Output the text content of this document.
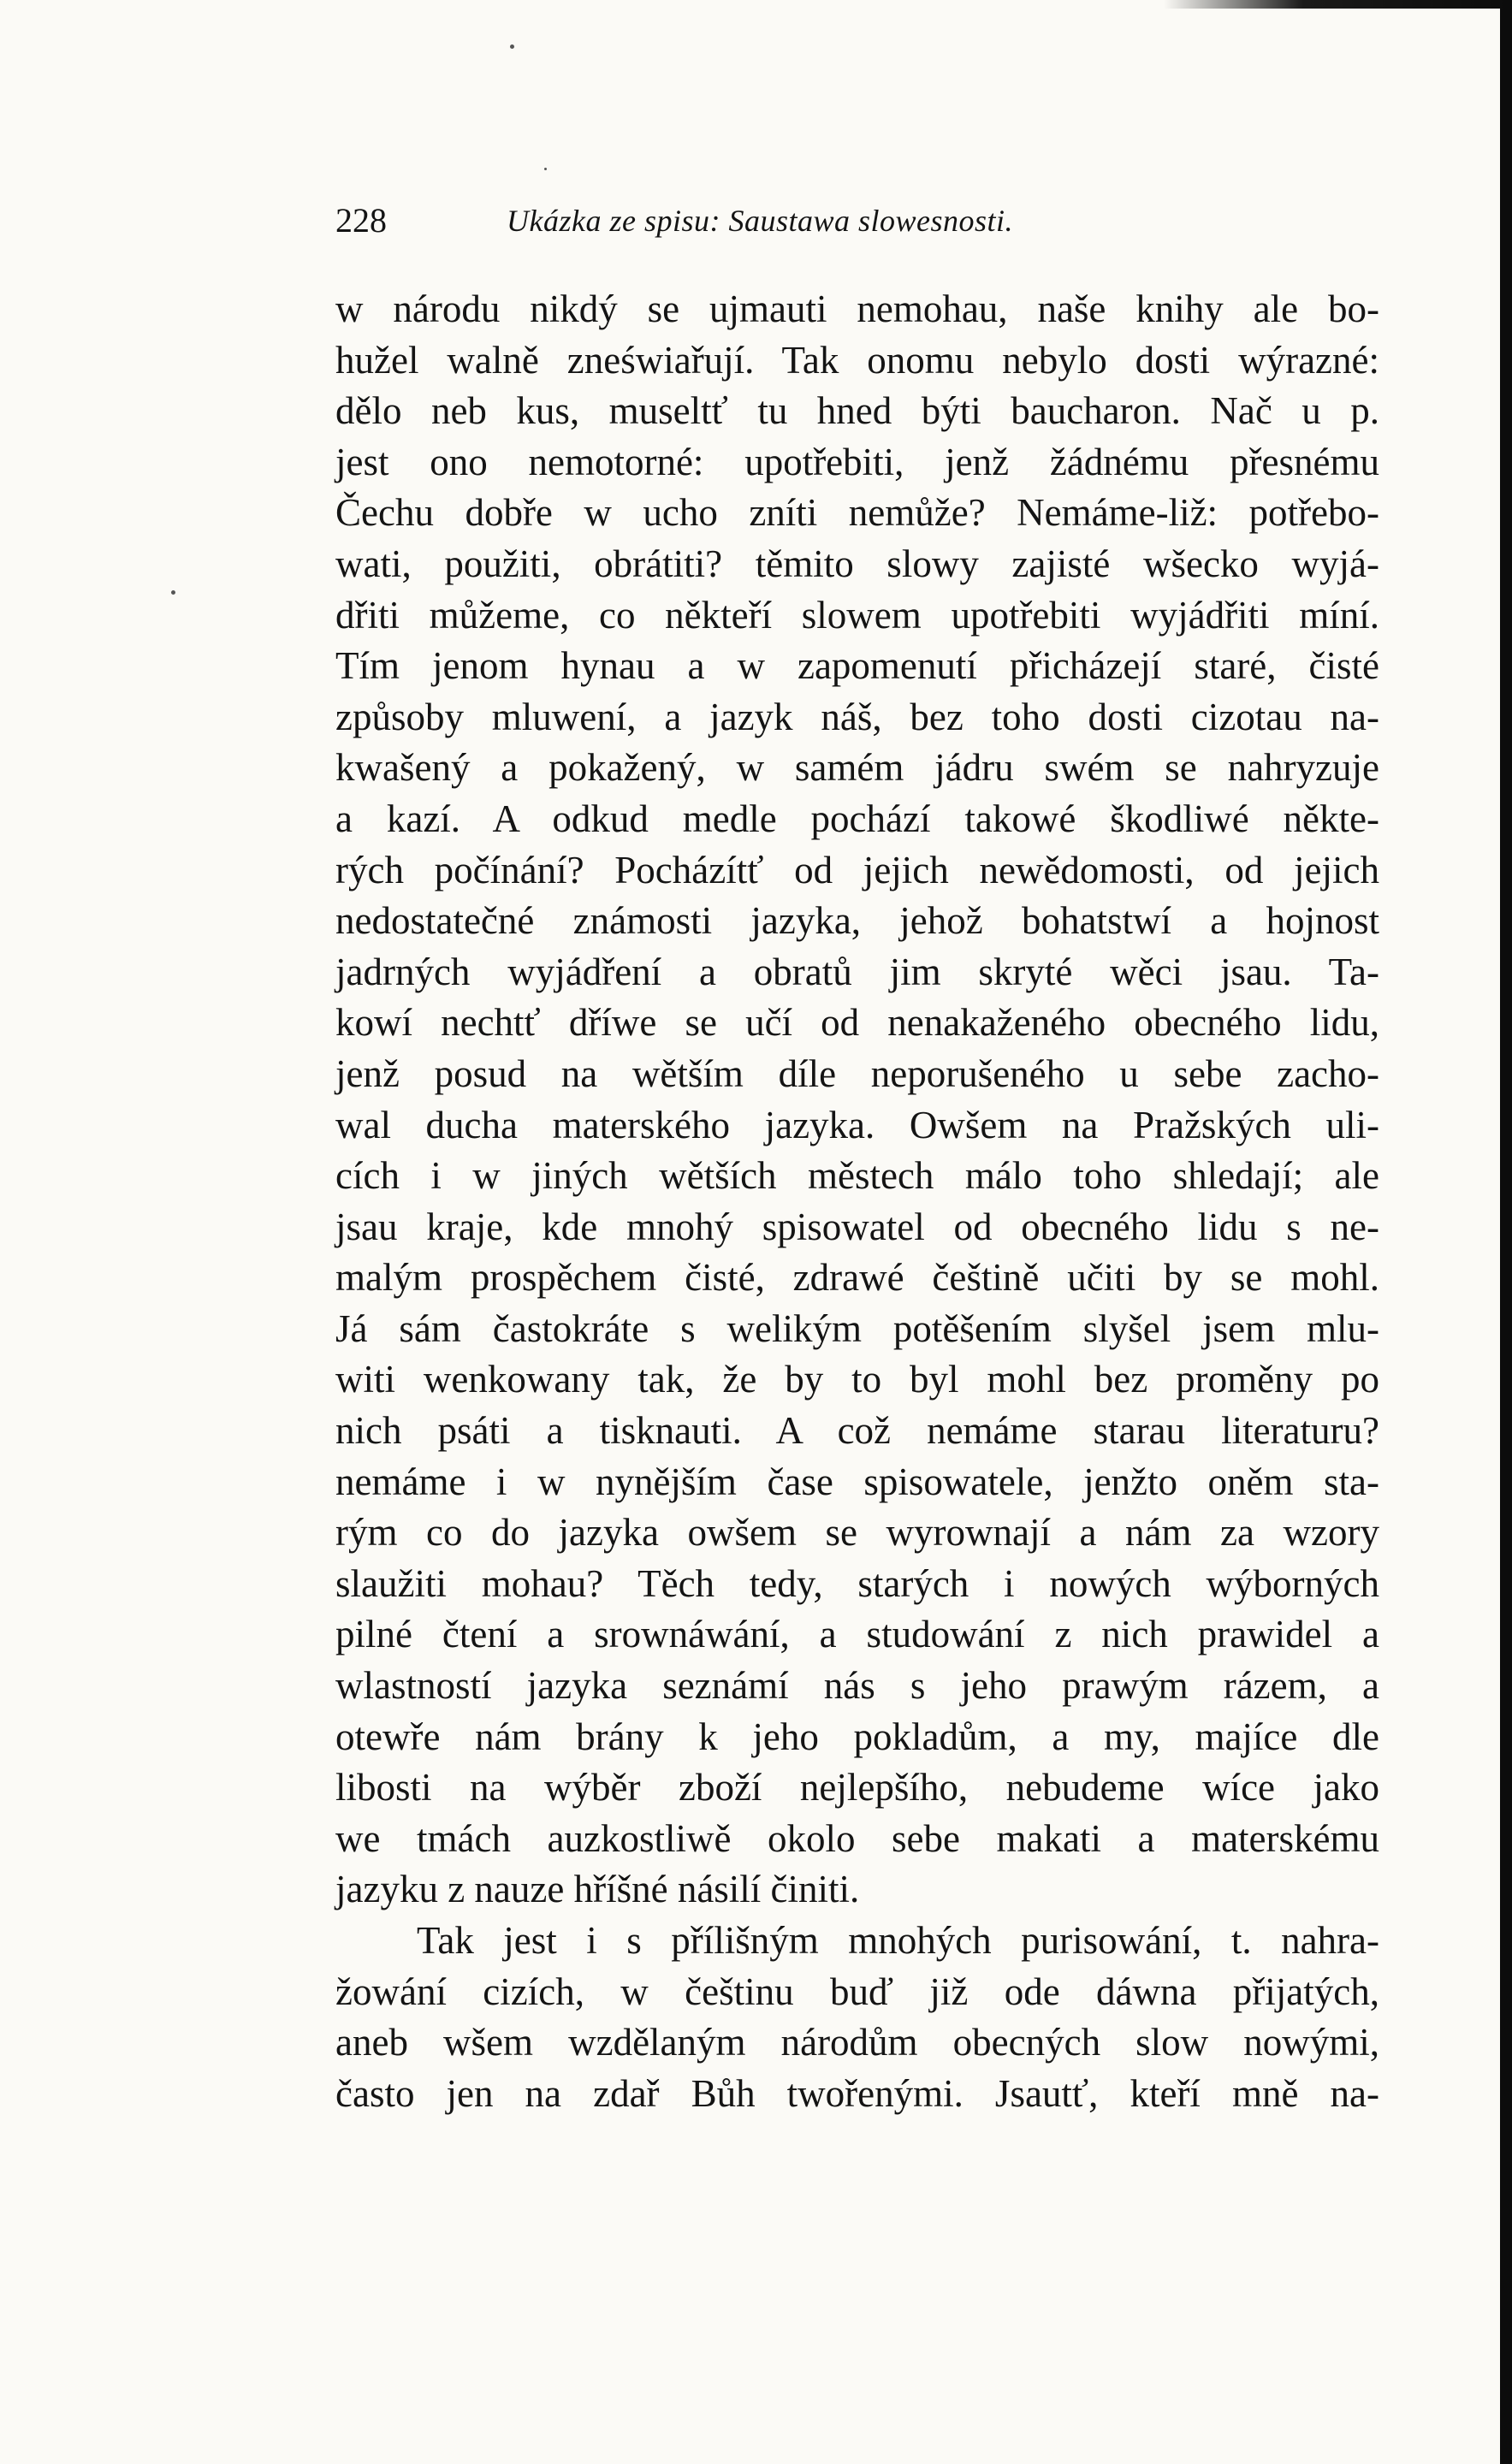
228	Ukázka ze spisu: Saustawa slowesnosti.
w národu nikdý se ujmauti nemohau, naše knihy ale bo-
hužel walně zneświařují. Tak onomu nebylo dosti wýrazné:
dělo neb kus, museltť tu hned býti baucharon. Nač u p.
jest ono nemotorné: upotřebiti, jenž žádnému přesnému
Čechu dobře w ucho zníti nemůže? Nemáme-liž: potřebo-
wati, použiti, obrátiti? těmito slowy zajisté wšecko wyjá-
dřiti můžeme, co někteří slowem upotřebiti wyjádřiti míní.
Tím jenom hynau a w zapomenutí přicházejí staré, čisté
způsoby mluwení, a jazyk náš, bez toho dosti cizotau na-
kwašený a pokažený, w samém jádru swém se nahryzuje
a kazí. A odkud medle pochází takowé škodliwé někte-
rých počínání? Pocházítť od jejich newědomosti, od jejich
nedostatečné známosti jazyka, jehož bohatstwí a hojnost
jadrných wyjádření a obratů jim skryté wěci jsau. Ta-
kowí nechtť dříwe se učí od nenakaženého obecného lidu,
jenž posud na wětším díle neporušeného u sebe zacho-
wal ducha materského jazyka. Owšem na Pražských uli-
cích i w jiných wětších městech málo toho shledají; ale
jsau kraje, kde mnohý spisowatel od obecného lidu s ne-
malým prospěchem čisté, zdrawé češtině učiti by se mohl.
Já sám častokráte s welikým potěšením slyšel jsem mlu-
witi wenkowany tak, že by to byl mohl bez proměny po
nich psáti a tisknauti. A což nemáme starau literaturu?
nemáme i w nynějším čase spisowatele, jenžto oněm sta-
rým co do jazyka owšem se wyrownají a nám za wzory
slaužiti mohau? Těch tedy, starých i nowých wýborných
pilné čtení a srownáwání, a studowání z nich prawidel a
wlastností jazyka seznámí nás s jeho prawým rázem, a
otewře nám brány k jeho pokladům, a my, majíce dle
libosti na wýběr zboží nejlepšího, nebudeme wíce jako
we tmách auzkostliwě okolo sebe makati a materskému
jazyku z nauze hříšné násilí činiti.
Tak jest i s přílišným mnohých purisowání, t. nahra-
žowání cizích, w češtinu buď již ode dáwna přijatých,
aneb wšem wzdělaným národům obecných slow nowými,
často jen na zdař Bůh twořenými. Jsautť, kteří mně na-
